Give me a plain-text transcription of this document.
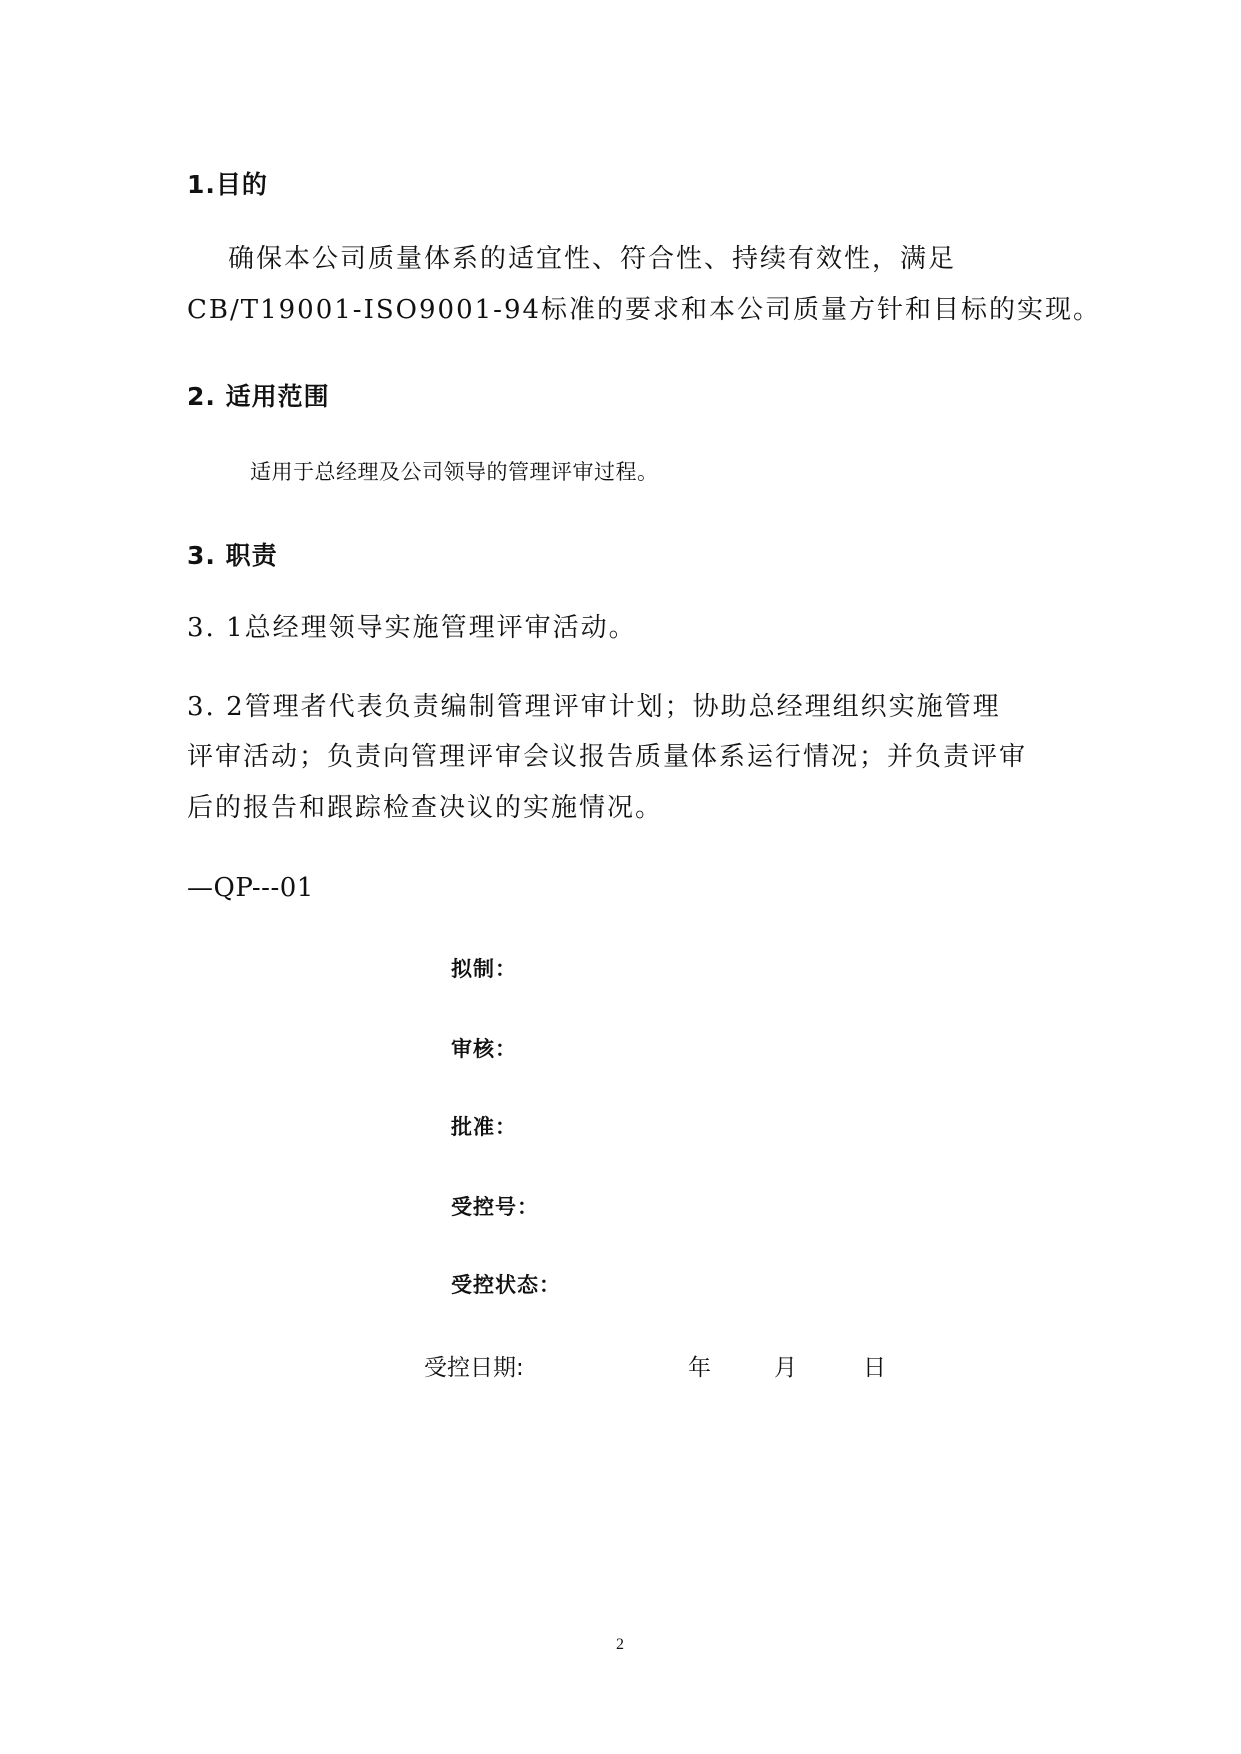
1.目的
确保本公司质量体系的适宜性、符合性、持续有效性，满足
CB/T19001-ISO9001-94标准的要求和本公司质量方针和目标的实现。
2. 适用范围
适用于总经理及公司领导的管理评审过程。
3. 职责
3. 1总经理领导实施管理评审活动。
3. 2管理者代表负责编制管理评审计划；协助总经理组织实施管理
评审活动；负责向管理评审会议报告质量体系运行情况；并负责评审
后的报告和跟踪检查决议的实施情况。
—QP---01
拟制：
审核：
批准：
受控号：
受控状态：
受控日期:	年	月	日
2
